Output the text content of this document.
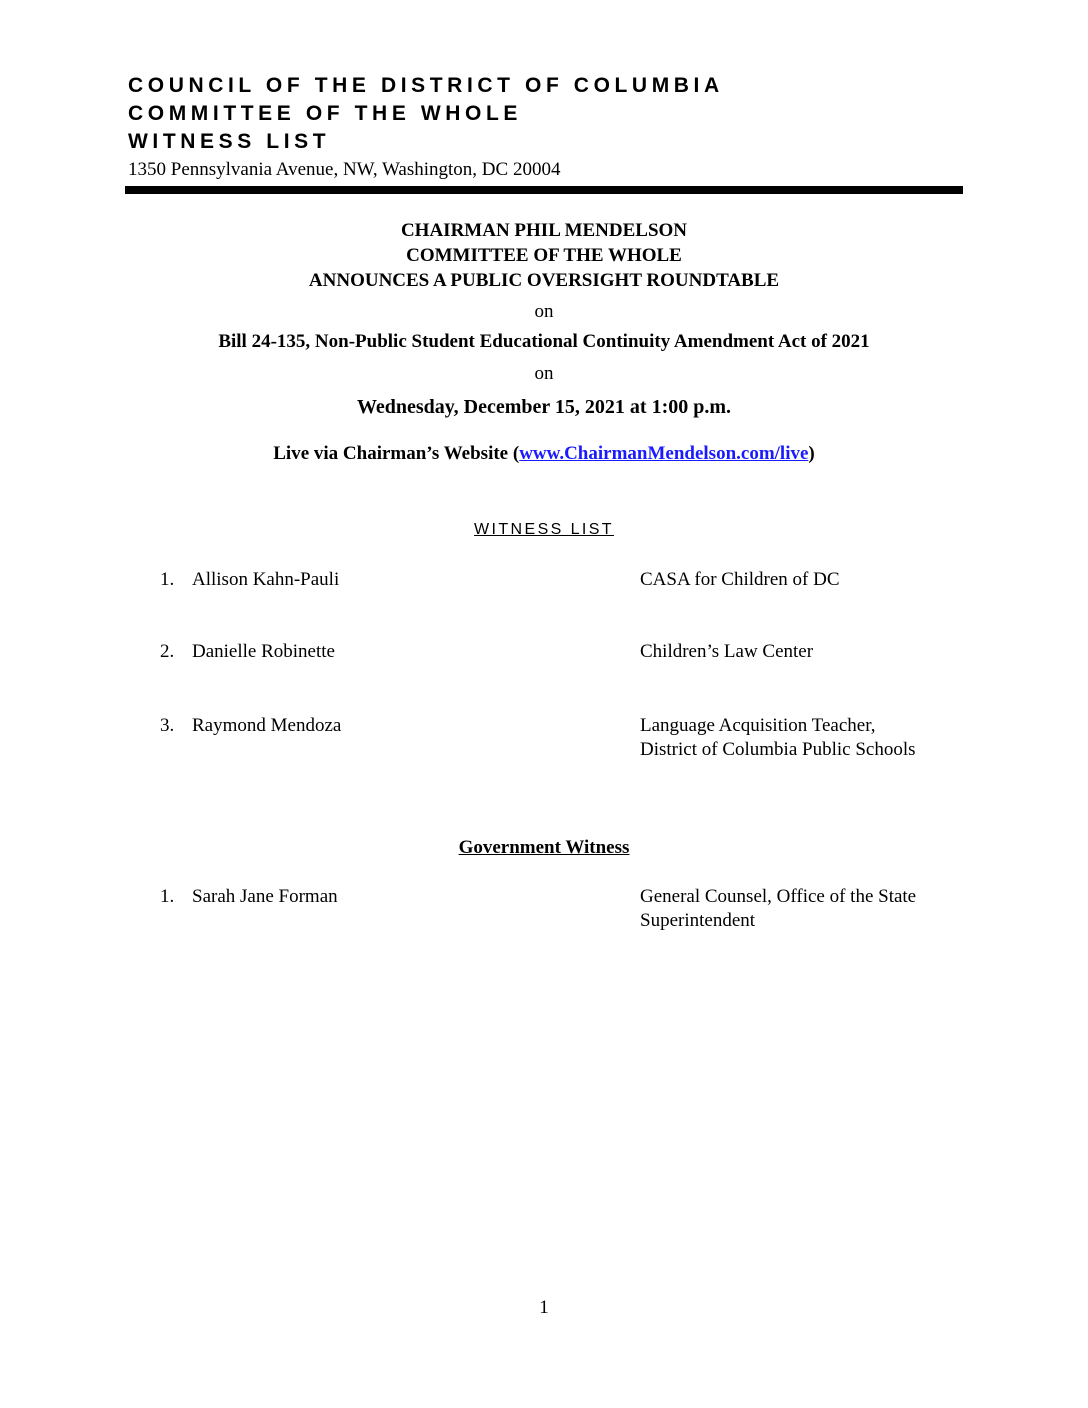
COUNCIL OF THE DISTRICT OF COLUMBIA
COMMITTEE OF THE WHOLE
WITNESS LIST
1350 Pennsylvania Avenue, NW, Washington, DC 20004
CHAIRMAN PHIL MENDELSON
COMMITTEE OF THE WHOLE
ANNOUNCES A PUBLIC OVERSIGHT ROUNDTABLE
on
Bill 24-135, Non-Public Student Educational Continuity Amendment Act of 2021
on
Wednesday, December 15, 2021 at 1:00 p.m.
Live via Chairman’s Website (www.ChairmanMendelson.com/live)
WITNESS LIST
1. Allison Kahn-Pauli	CASA for Children of DC
2. Danielle Robinette	Children’s Law Center
3. Raymond Mendoza	Language Acquisition Teacher,
District of Columbia Public Schools
Government Witness
1. Sarah Jane Forman	General Counsel, Office of the State
Superintendent
1
